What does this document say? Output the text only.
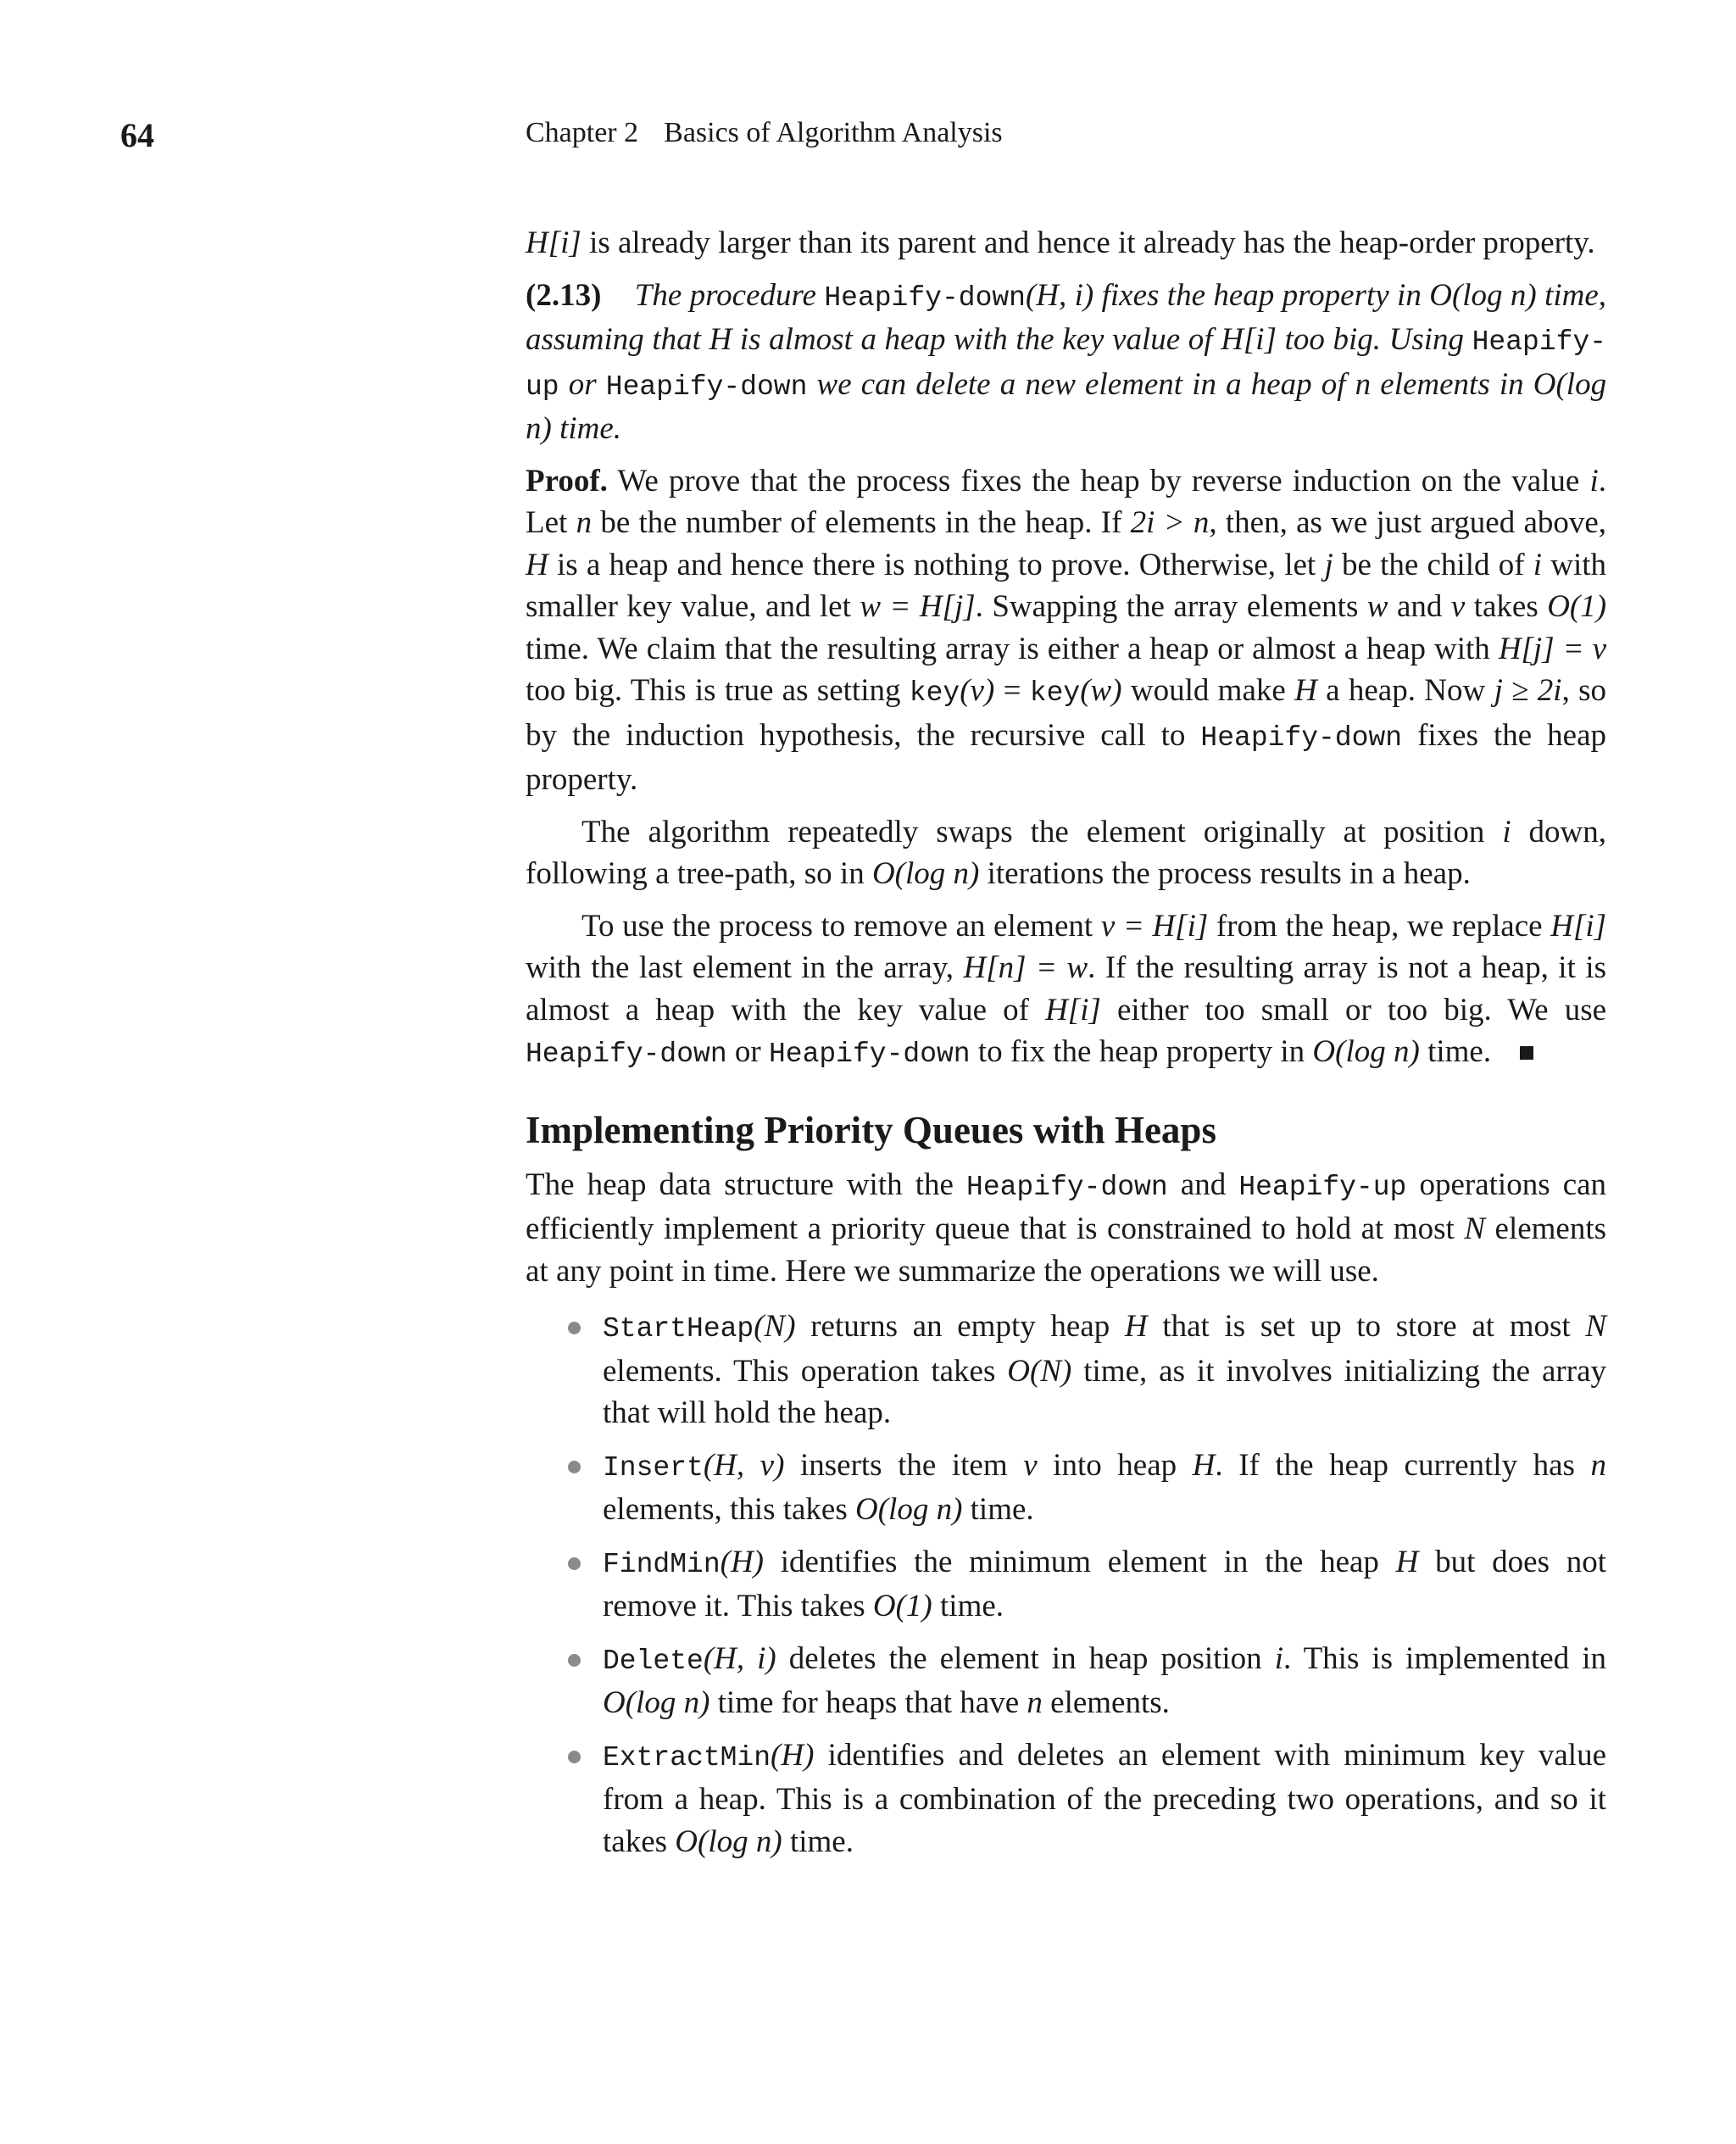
64	Chapter 2 Basics of Algorithm Analysis

H[i] is already larger than its parent and hence it already has the heap-order property.

(2.13) The procedure Heapify-down(H, i) fixes the heap property in O(log n) time, assuming that H is almost a heap with the key value of H[i] too big. Using Heapify-up or Heapify-down we can delete a new element in a heap of n elements in O(log n) time.

Proof. We prove that the process fixes the heap by reverse induction on the value i. Let n be the number of elements in the heap. If 2i > n, then, as we just argued above, H is a heap and hence there is nothing to prove. Otherwise, let j be the child of i with smaller key value, and let w = H[j]. Swapping the array elements w and v takes O(1) time. We claim that the resulting array is either a heap or almost a heap with H[j] = v too big. This is true as setting key(v) = key(w) would make H a heap. Now j ≥ 2i, so by the induction hypothesis, the recursive call to Heapify-down fixes the heap property.

The algorithm repeatedly swaps the element originally at position i down, following a tree-path, so in O(log n) iterations the process results in a heap.

To use the process to remove an element v = H[i] from the heap, we replace H[i] with the last element in the array, H[n] = w. If the resulting array is not a heap, it is almost a heap with the key value of H[i] either too small or too big. We use Heapify-down or Heapify-down to fix the heap property in O(log n) time.

Implementing Priority Queues with Heaps

The heap data structure with the Heapify-down and Heapify-up operations can efficiently implement a priority queue that is constrained to hold at most N elements at any point in time. Here we summarize the operations we will use.

StartHeap(N) returns an empty heap H that is set up to store at most N elements. This operation takes O(N) time, as it involves initializing the array that will hold the heap.
Insert(H, v) inserts the item v into heap H. If the heap currently has n elements, this takes O(log n) time.
FindMin(H) identifies the minimum element in the heap H but does not remove it. This takes O(1) time.
Delete(H, i) deletes the element in heap position i. This is implemented in O(log n) time for heaps that have n elements.
ExtractMin(H) identifies and deletes an element with minimum key value from a heap. This is a combination of the preceding two operations, and so it takes O(log n) time.
